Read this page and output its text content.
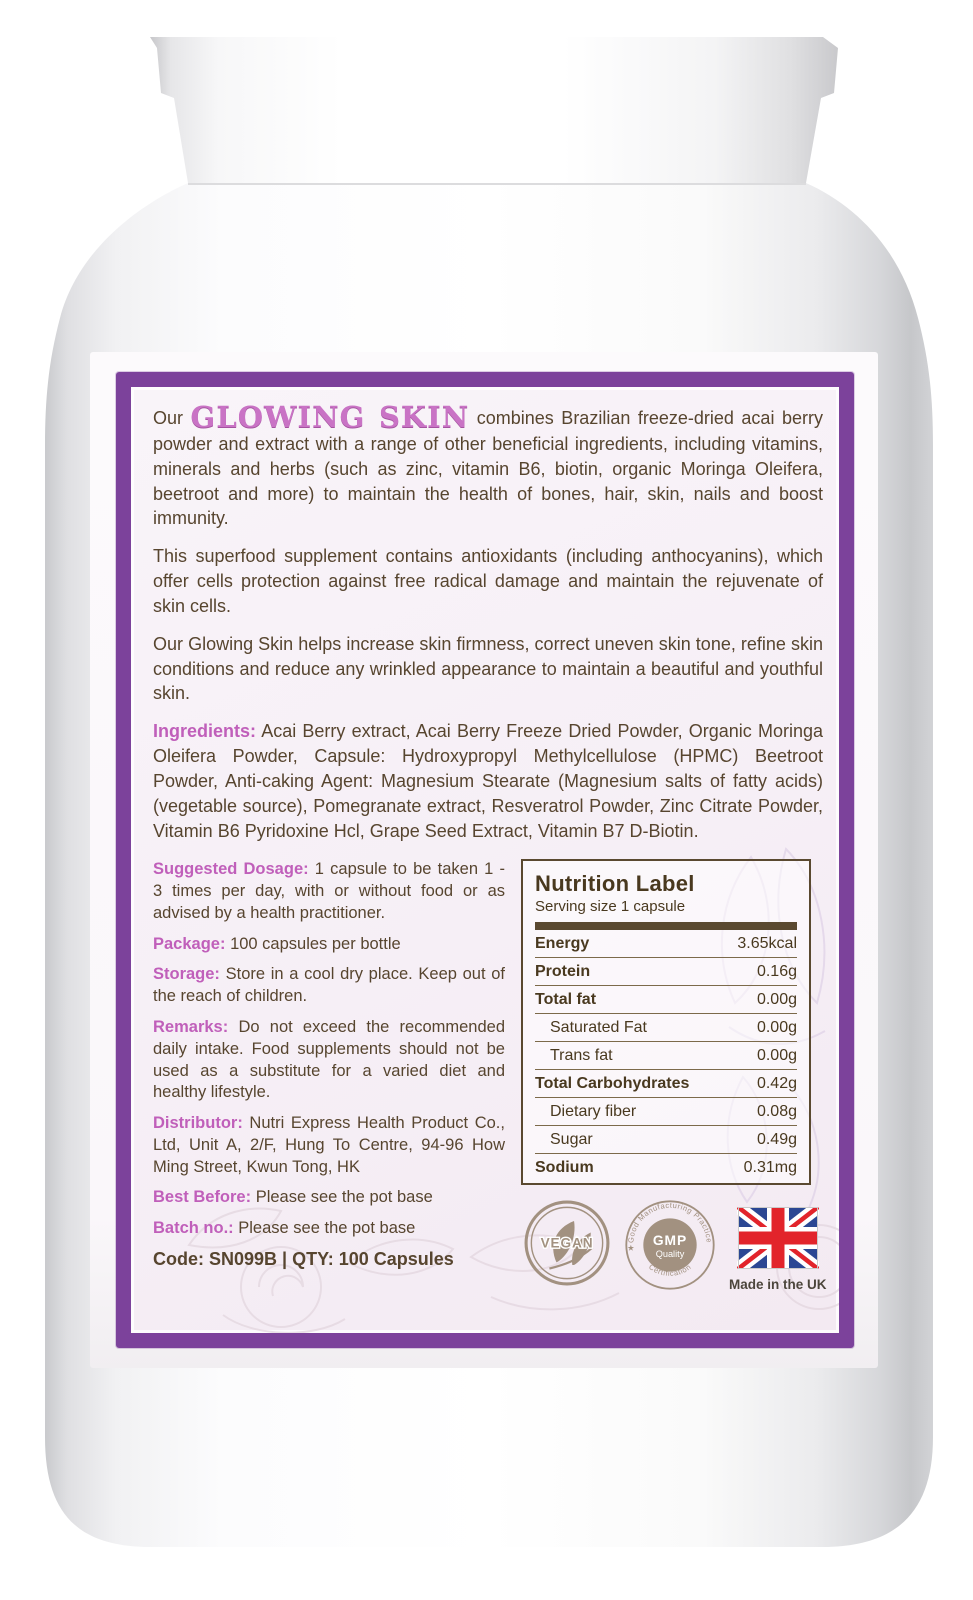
Our GLOWING SKIN combines Brazilian freeze-dried acai berry powder and extract with a range of other beneficial ingredients, including vitamins, minerals and herbs (such as zinc, vitamin B6, biotin, organic Moringa Oleifera, beetroot and more) to maintain the health of bones, hair, skin, nails and boost immunity.

This superfood supplement contains antioxidants (including anthocyanins), which offer cells protection against free radical damage and maintain the rejuvenate of skin cells.

Our Glowing Skin helps increase skin firmness, correct uneven skin tone, refine skin conditions and reduce any wrinkled appearance to maintain a beautiful and youthful skin.

Ingredients: Acai Berry extract, Acai Berry Freeze Dried Powder, Organic Moringa Oleifera Powder, Capsule: Hydroxypropyl Methylcellulose (HPMC) Beetroot Powder, Anti-caking Agent: Magnesium Stearate (Magnesium salts of fatty acids) (vegetable source), Pomegranate extract, Resveratrol Powder, Zinc Citrate Powder, Vitamin B6 Pyridoxine Hcl, Grape Seed Extract, Vitamin B7 D-Biotin.

Suggested Dosage: 1 capsule to be taken 1 - 3 times per day, with or without food or as advised by a health practitioner.

Package: 100 capsules per bottle

Storage: Store in a cool dry place. Keep out of the reach of children.

Remarks: Do not exceed the recommended daily intake. Food supplements should not be used as a substitute for a varied diet and healthy lifestyle.

Distributor: Nutri Express Health Product Co., Ltd, Unit A, 2/F, Hung To Centre, 94-96 How Ming Street, Kwun Tong, HK

Best Before: Please see the pot base

Batch no.: Please see the pot base

Code: SN099B | QTY: 100 Capsules

Nutrition Label
Serving size 1 capsule
Energy	3.65kcal
Protein	0.16g
Total fat	0.00g
Saturated Fat	0.00g
Trans fat	0.00g
Total Carbohydrates	0.42g
Dietary fiber	0.08g
Sugar	0.49g
Sodium	0.31mg
VEGAN	Good Manufacturing Practice
Certification
★
GMP
Quality
Made in the UK
